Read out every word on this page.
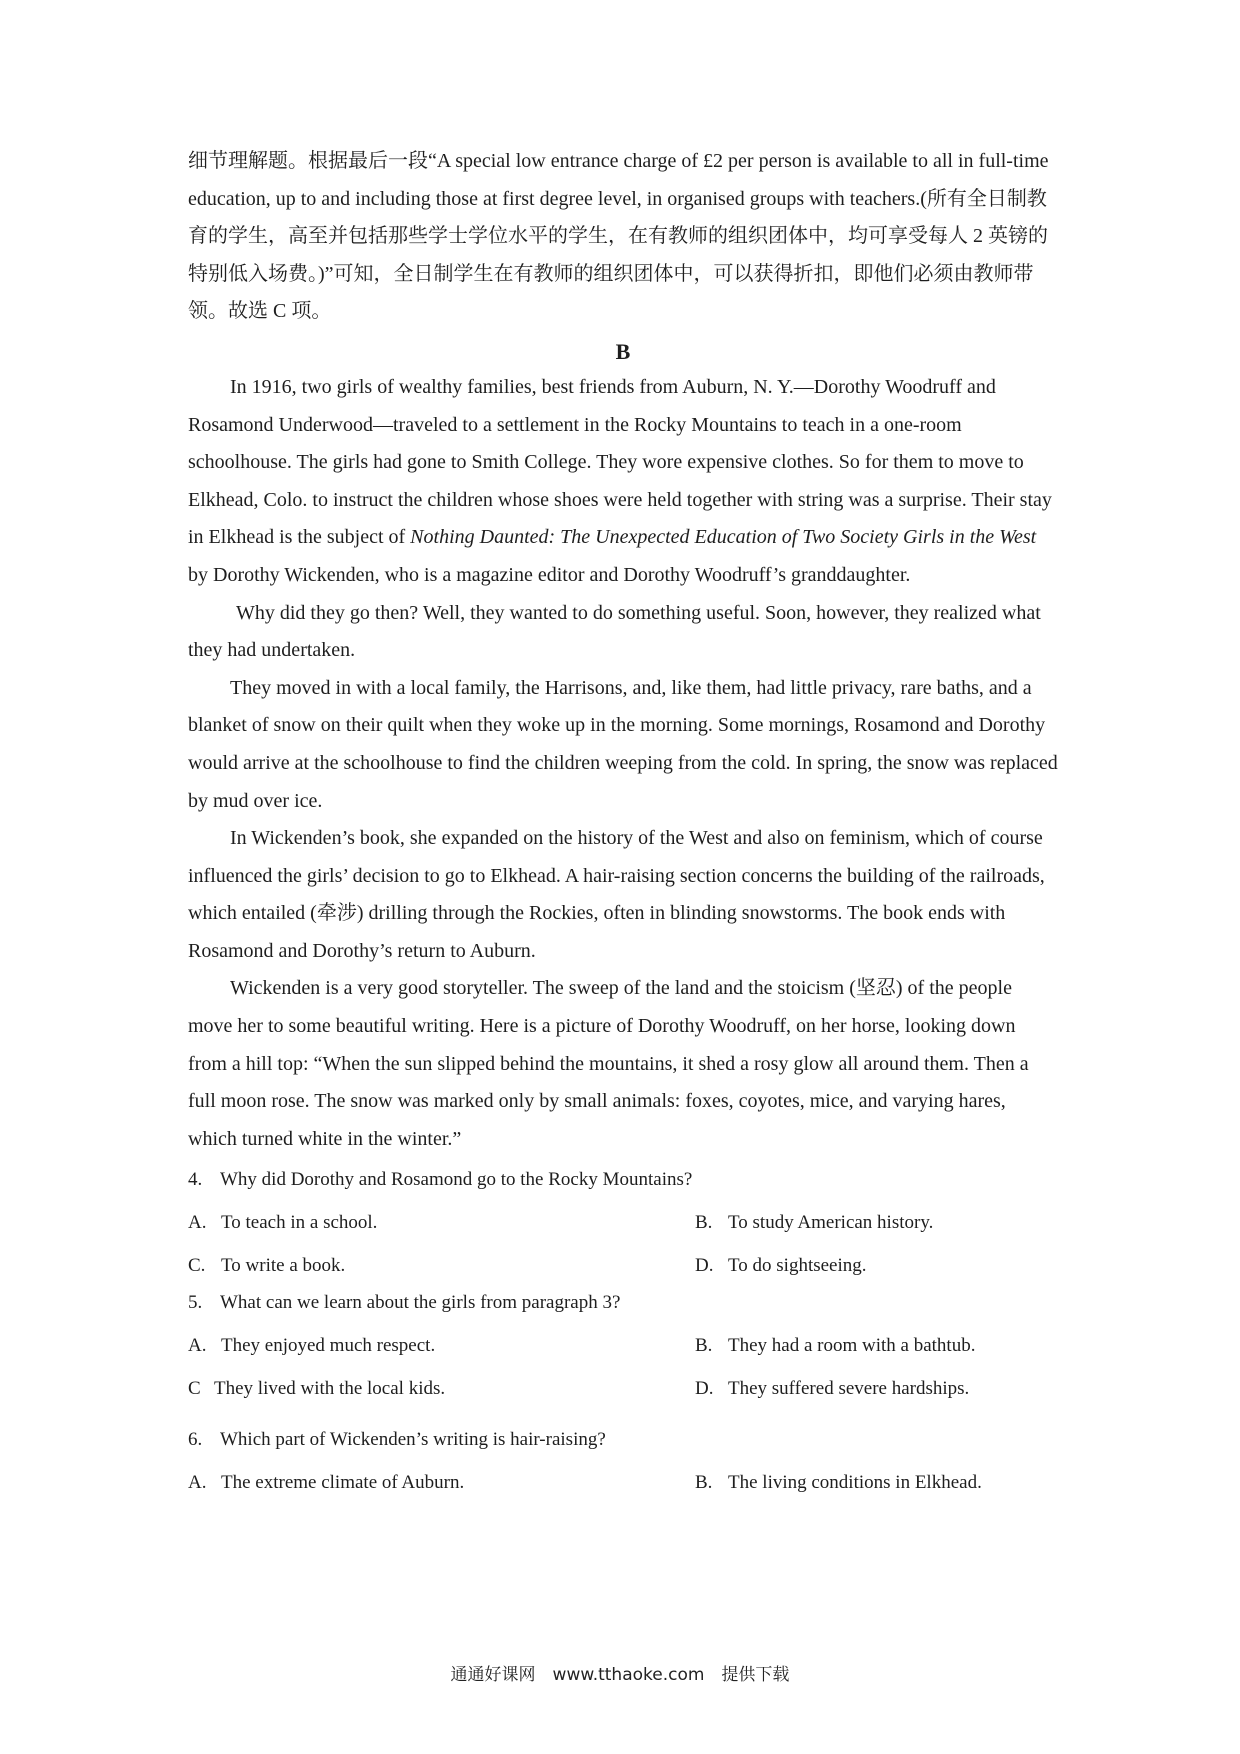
细节理解题。根据最后一段“A special low entrance charge of £2 per person is available to all in full-time education, up to and including those at first degree level, in organised groups with teachers.(所有全日制教育的学生，高至并包括那些学士学位水平的学生，在有教师的组织团体中，均可享受每人 2 英镑的特别低入场费。)”可知，全日制学生在有教师的组织团体中，可以获得折扣，即他们必须由教师带领。故选 C 项。

B

In 1916, two girls of wealthy families, best friends from Auburn, N. Y.—Dorothy Woodruff and Rosamond Underwood—traveled to a settlement in the Rocky Mountains to teach in a one-room schoolhouse. The girls had gone to Smith College. They wore expensive clothes. So for them to move to Elkhead, Colo. to instruct the children whose shoes were held together with string was a surprise. Their stay in Elkhead is the subject of Nothing Daunted: The Unexpected Education of Two Society Girls in the West by Dorothy Wickenden, who is a magazine editor and Dorothy Woodruff’s granddaughter.

Why did they go then? Well, they wanted to do something useful. Soon, however, they realized what they had undertaken.

They moved in with a local family, the Harrisons, and, like them, had little privacy, rare baths, and a blanket of snow on their quilt when they woke up in the morning. Some mornings, Rosamond and Dorothy would arrive at the schoolhouse to find the children weeping from the cold. In spring, the snow was replaced by mud over ice.

In Wickenden’s book, she expanded on the history of the West and also on feminism, which of course influenced the girls’ decision to go to Elkhead. A hair-raising section concerns the building of the railroads, which entailed (牵涉) drilling through the Rockies, often in blinding snowstorms. The book ends with Rosamond and Dorothy’s return to Auburn.

Wickenden is a very good storyteller. The sweep of the land and the stoicism (坚忍) of the people move her to some beautiful writing. Here is a picture of Dorothy Woodruff, on her horse, looking down from a hill top: “When the sun slipped behind the mountains, it shed a rosy glow all around them. Then a full moon rose. The snow was marked only by small animals: foxes, coyotes, mice, and varying hares, which turned white in the winter.”

4. Why did Dorothy and Rosamond go to the Rocky Mountains?
A. To teach in a school.	B. To study American history.
C. To write a book.	D. To do sightseeing.
5. What can we learn about the girls from paragraph 3?
A. They enjoyed much respect.	B. They had a room with a bathtub.
C They lived with the local kids.	D. They suffered severe hardships.
6. Which part of Wickenden’s writing is hair-raising?
A. The extreme climate of Auburn.	B. The living conditions in Elkhead.
通通好课网　www.tthaoke.com　提供下载
